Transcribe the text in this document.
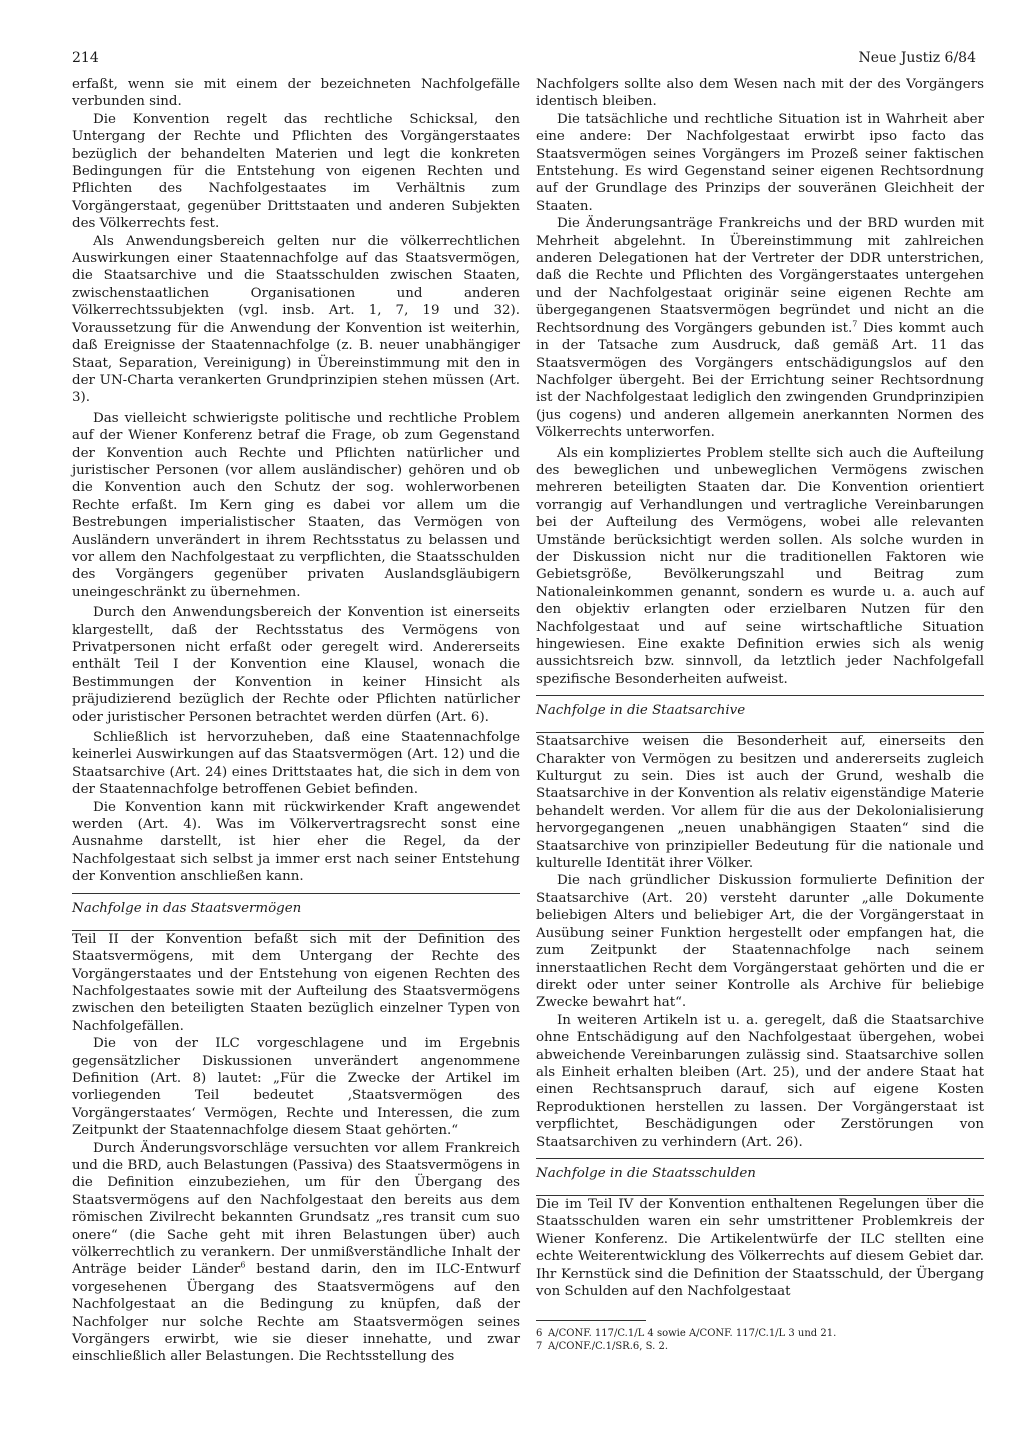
214	Neue Justiz 6/84

erfaßt, wenn sie mit einem der bezeichneten Nachfolgefälle verbunden sind.

Die Konvention regelt das rechtliche Schicksal, den Untergang der Rechte und Pflichten des Vorgängerstaates bezüglich der behandelten Materien und legt die konkreten Bedingungen für die Entstehung von eigenen Rechten und Pflichten des Nachfolgestaates im Verhältnis zum Vorgängerstaat, gegenüber Drittstaaten und anderen Subjekten des Völkerrechts fest.

Als Anwendungsbereich gelten nur die völkerrechtlichen Auswirkungen einer Staatennachfolge auf das Staatsvermögen, die Staatsarchive und die Staatsschulden zwischen Staaten, zwischenstaatlichen Organisationen und anderen Völkerrechtssubjekten (vgl. insb. Art. 1, 7, 19 und 32). Voraussetzung für die Anwendung der Konvention ist weiterhin, daß Ereignisse der Staatennachfolge (z. B. neuer unabhängiger Staat, Separation, Vereinigung) in Übereinstimmung mit den in der UN-Charta verankerten Grundprinzipien stehen müssen (Art. 3).

Das vielleicht schwierigste politische und rechtliche Problem auf der Wiener Konferenz betraf die Frage, ob zum Gegenstand der Konvention auch Rechte und Pflichten natürlicher und juristischer Personen (vor allem ausländischer) gehören und ob die Konvention auch den Schutz der sog. wohlerworbenen Rechte erfaßt. Im Kern ging es dabei vor allem um die Bestrebungen imperialistischer Staaten, das Vermögen von Ausländern unverändert in ihrem Rechtsstatus zu belassen und vor allem den Nachfolgestaat zu verpflichten, die Staatsschulden des Vorgängers gegenüber privaten Auslandsgläubigern uneingeschränkt zu übernehmen.

Durch den Anwendungsbereich der Konvention ist einerseits klargestellt, daß der Rechtsstatus des Vermögens von Privatpersonen nicht erfaßt oder geregelt wird. Andererseits enthält Teil I der Konvention eine Klausel, wonach die Bestimmungen der Konvention in keiner Hinsicht als präjudizierend bezüglich der Rechte oder Pflichten natürlicher oder juristischer Personen betrachtet werden dürfen (Art. 6).

Schließlich ist hervorzuheben, daß eine Staatennachfolge keinerlei Auswirkungen auf das Staatsvermögen (Art. 12) und die Staatsarchive (Art. 24) eines Drittstaates hat, die sich in dem von der Staatennachfolge betroffenen Gebiet befinden.

Die Konvention kann mit rückwirkender Kraft angewendet werden (Art. 4). Was im Völkervertragsrecht sonst eine Ausnahme darstellt, ist hier eher die Regel, da der Nachfolgestaat sich selbst ja immer erst nach seiner Entstehung der Konvention anschließen kann.

Nachfolge in das Staatsvermögen

Teil II der Konvention befaßt sich mit der Definition des Staatsvermögens, mit dem Untergang der Rechte des Vorgängerstaates und der Entstehung von eigenen Rechten des Nachfolgestaates sowie mit der Aufteilung des Staatsvermögens zwischen den beteiligten Staaten bezüglich einzelner Typen von Nachfolgefällen.

Die von der ILC vorgeschlagene und im Ergebnis gegensätzlicher Diskussionen unverändert angenommene Definition (Art. 8) lautet: „Für die Zwecke der Artikel im vorliegenden Teil bedeutet ‚Staatsvermögen des Vorgängerstaates‘ Vermögen, Rechte und Interessen, die zum Zeitpunkt der Staatennachfolge diesem Staat gehörten.“

Durch Änderungsvorschläge versuchten vor allem Frankreich und die BRD, auch Belastungen (Passiva) des Staatsvermögens in die Definition einzubeziehen, um für den Übergang des Staatsvermögens auf den Nachfolgestaat den bereits aus dem römischen Zivilrecht bekannten Grundsatz „res transit cum suo onere“ (die Sache geht mit ihren Belastungen über) auch völkerrechtlich zu verankern. Der unmißverständliche Inhalt der Anträge beider Länder$^6$ bestand darin, den im ILC-Entwurf vorgesehenen Übergang des Staatsvermögens auf den Nachfolgestaat an die Bedingung zu knüpfen, daß der Nachfolger nur solche Rechte am Staatsvermögen seines Vorgängers erwirbt, wie sie dieser innehatte, und zwar einschließlich aller Belastungen. Die Rechtsstellung des

Nachfolgers sollte also dem Wesen nach mit der des Vorgängers identisch bleiben.

Die tatsächliche und rechtliche Situation ist in Wahrheit aber eine andere: Der Nachfolgestaat erwirbt ipso facto das Staatsvermögen seines Vorgängers im Prozeß seiner faktischen Entstehung. Es wird Gegenstand seiner eigenen Rechtsordnung auf der Grundlage des Prinzips der souveränen Gleichheit der Staaten.

Die Änderungsanträge Frankreichs und der BRD wurden mit Mehrheit abgelehnt. In Übereinstimmung mit zahlreichen anderen Delegationen hat der Vertreter der DDR unterstrichen, daß die Rechte und Pflichten des Vorgängerstaates untergehen und der Nachfolgestaat originär seine eigenen Rechte am übergegangenen Staatsvermögen begründet und nicht an die Rechtsordnung des Vorgängers gebunden ist.$^7$ Dies kommt auch in der Tatsache zum Ausdruck, daß gemäß Art. 11 das Staatsvermögen des Vorgängers entschädigungslos auf den Nachfolger übergeht. Bei der Errichtung seiner Rechtsordnung ist der Nachfolgestaat lediglich den zwingenden Grundprinzipien (jus cogens) und anderen allgemein anerkannten Normen des Völkerrechts unterworfen.

Als ein kompliziertes Problem stellte sich auch die Aufteilung des beweglichen und unbeweglichen Vermögens zwischen mehreren beteiligten Staaten dar. Die Konvention orientiert vorrangig auf Verhandlungen und vertragliche Vereinbarungen bei der Aufteilung des Vermögens, wobei alle relevanten Umstände berücksichtigt werden sollen. Als solche wurden in der Diskussion nicht nur die traditionellen Faktoren wie Gebietsgröße, Bevölkerungszahl und Beitrag zum Nationaleinkommen genannt, sondern es wurde u. a. auch auf den objektiv erlangten oder erzielbaren Nutzen für den Nachfolgestaat und auf seine wirtschaftliche Situation hingewiesen. Eine exakte Definition erwies sich als wenig aussichtsreich bzw. sinnvoll, da letztlich jeder Nachfolgefall spezifische Besonderheiten aufweist.

Nachfolge in die Staatsarchive

Staatsarchive weisen die Besonderheit auf, einerseits den Charakter von Vermögen zu besitzen und andererseits zugleich Kulturgut zu sein. Dies ist auch der Grund, weshalb die Staatsarchive in der Konvention als relativ eigenständige Materie behandelt werden. Vor allem für die aus der Dekolonialisierung hervorgegangenen „neuen unabhängigen Staaten“ sind die Staatsarchive von prinzipieller Bedeutung für die nationale und kulturelle Identität ihrer Völker.

Die nach gründlicher Diskussion formulierte Definition der Staatsarchive (Art. 20) versteht darunter „alle Dokumente beliebigen Alters und beliebiger Art, die der Vorgängerstaat in Ausübung seiner Funktion hergestellt oder empfangen hat, die zum Zeitpunkt der Staatennachfolge nach seinem innerstaatlichen Recht dem Vorgängerstaat gehörten und die er direkt oder unter seiner Kontrolle als Archive für beliebige Zwecke bewahrt hat“.

In weiteren Artikeln ist u. a. geregelt, daß die Staatsarchive ohne Entschädigung auf den Nachfolgestaat übergehen, wobei abweichende Vereinbarungen zulässig sind. Staatsarchive sollen als Einheit erhalten bleiben (Art. 25), und der andere Staat hat einen Rechtsanspruch darauf, sich auf eigene Kosten Reproduktionen herstellen zu lassen. Der Vorgängerstaat ist verpflichtet, Beschädigungen oder Zerstörungen von Staatsarchiven zu verhindern (Art. 26).

Nachfolge in die Staatsschulden

Die im Teil IV der Konvention enthaltenen Regelungen über die Staatsschulden waren ein sehr umstrittener Problemkreis der Wiener Konferenz. Die Artikelentwürfe der ILC stellten eine echte Weiterentwicklung des Völkerrechts auf diesem Gebiet dar. Ihr Kernstück sind die Definition der Staatsschuld, der Übergang von Schulden auf den Nachfolgestaat

6 A/CONF. 117/C.1/L 4 sowie A/CONF. 117/C.1/L 3 und 21.
7 A/CONF./C.1/SR.6, S. 2.
